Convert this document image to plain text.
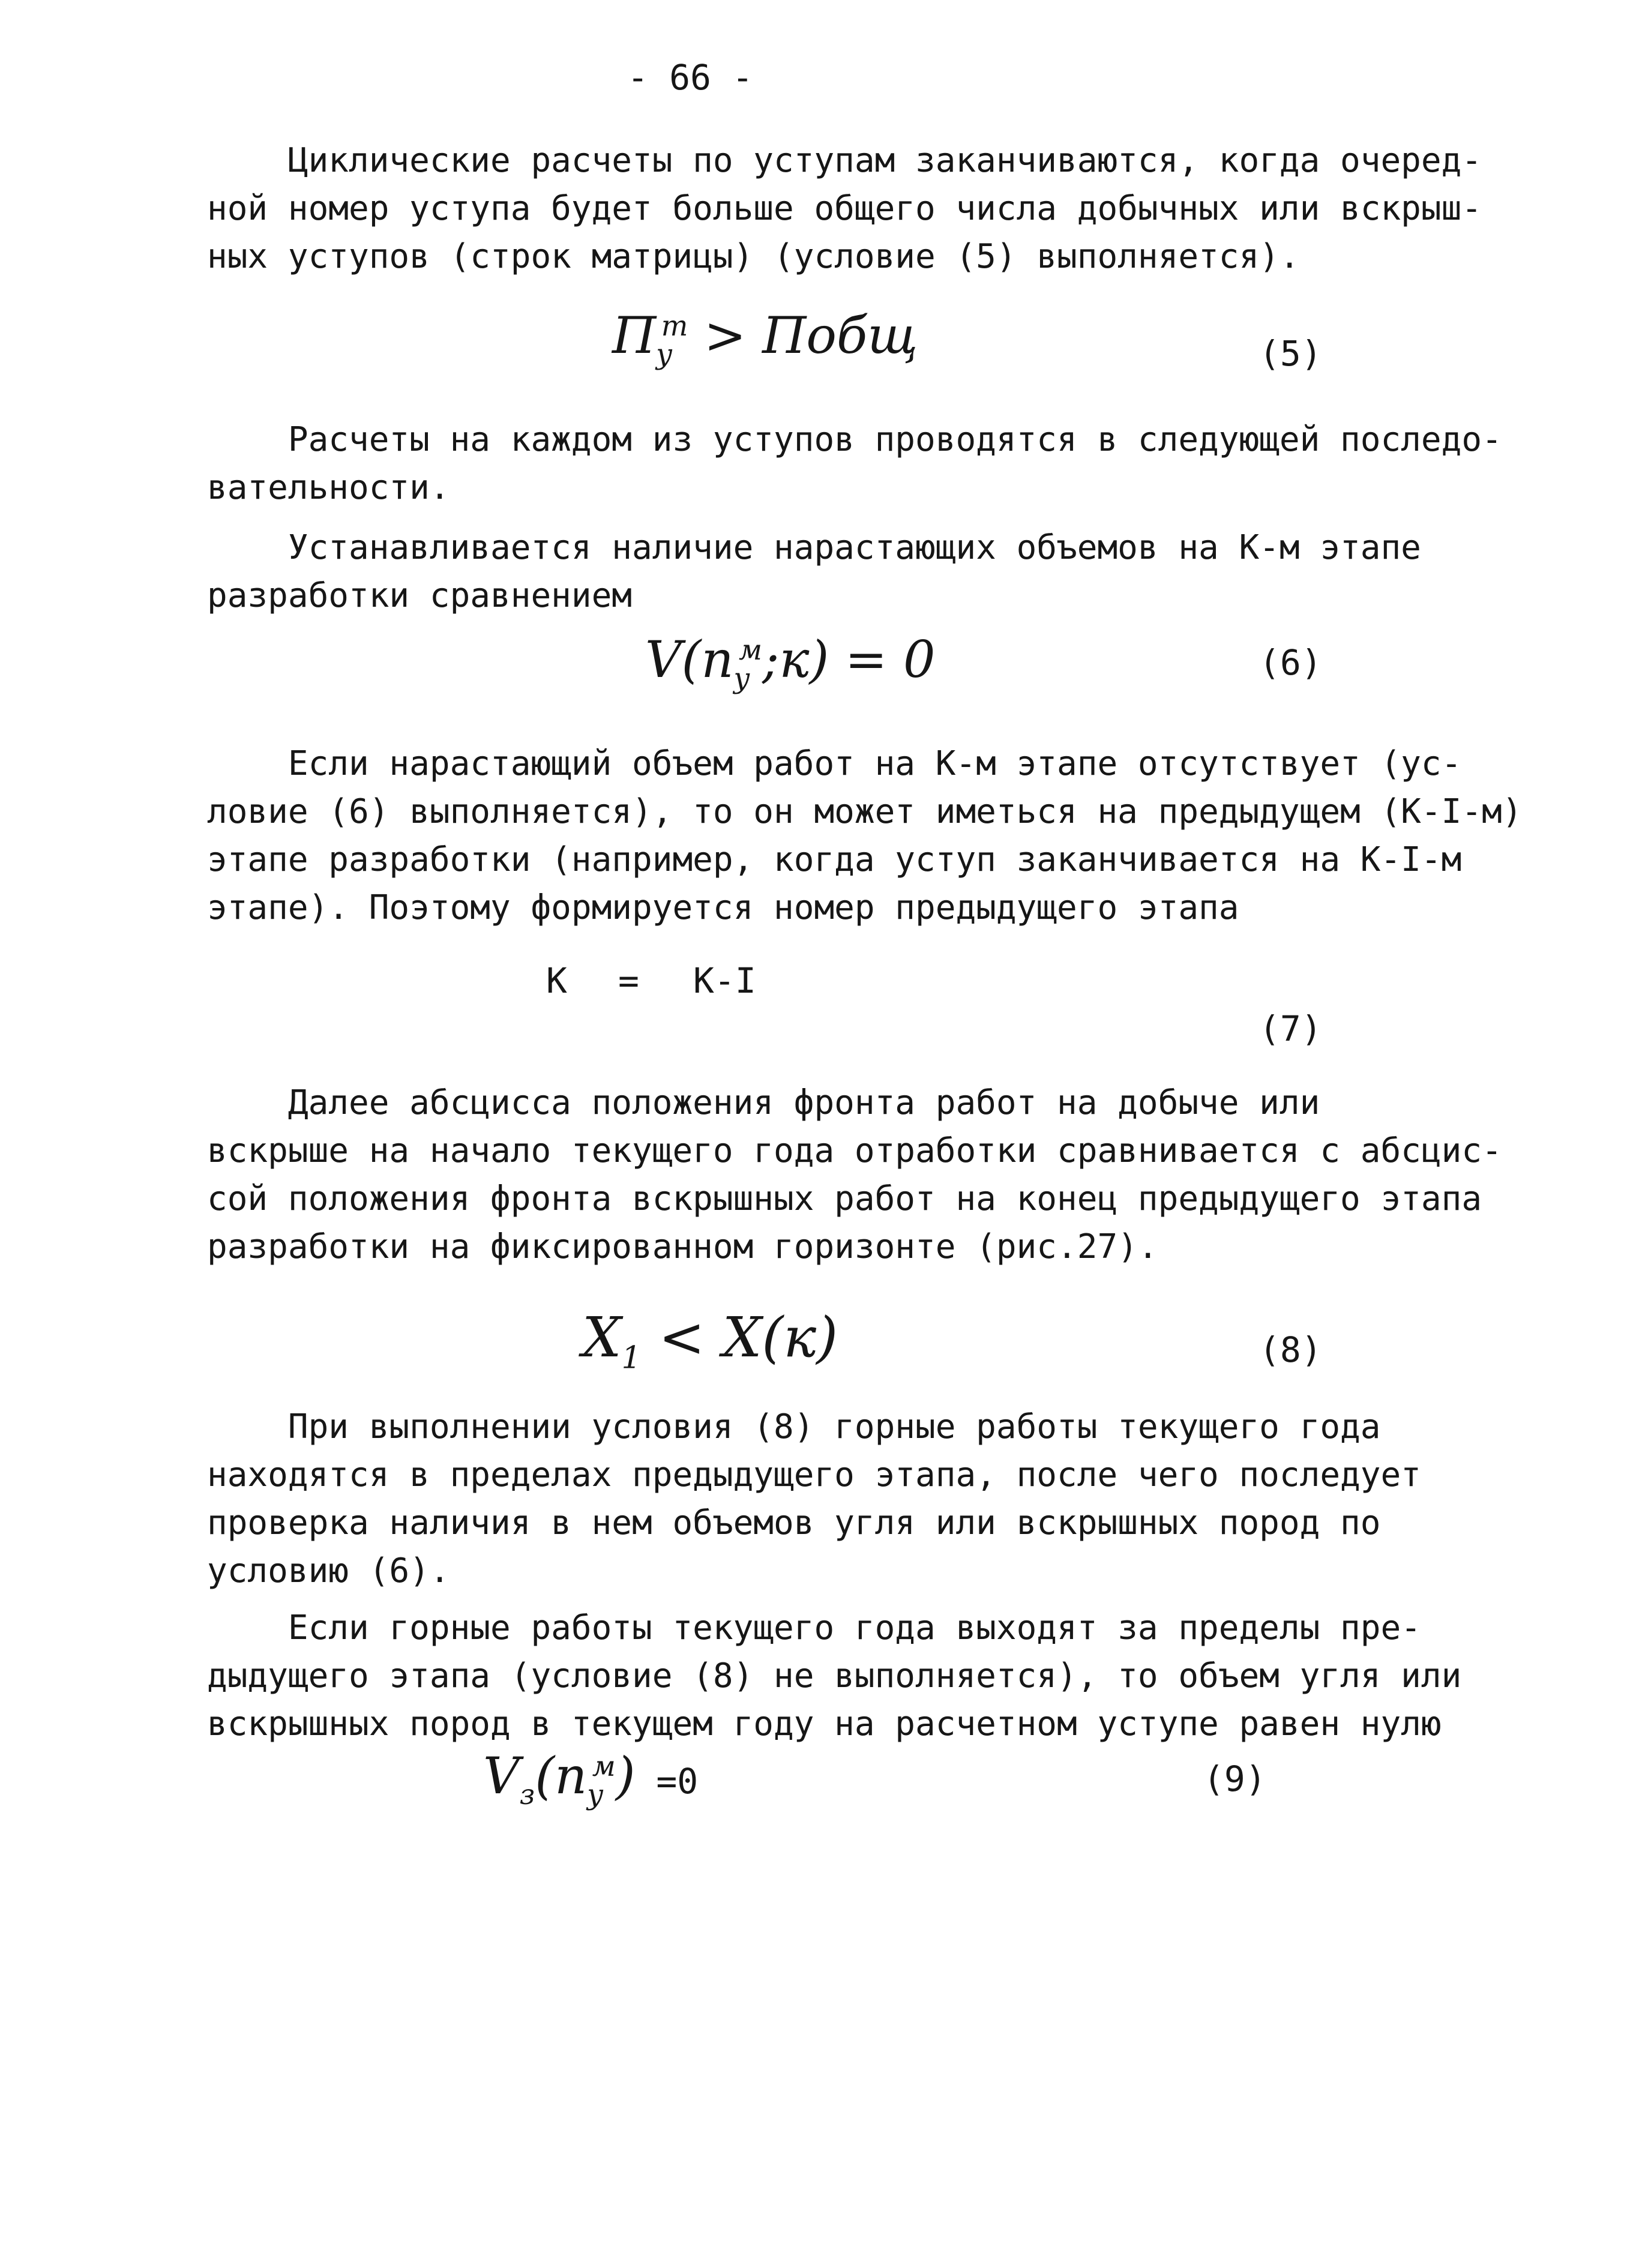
- 66 -
Циклические расчеты по уступам заканчиваются, когда очеред-
ной номер уступа будет больше общего числа добычных или вскрыш-
ных уступов (строк матрицы) (условие (5) выполняется).
$П_у^т$ > Побщ	(5)
Расчеты на каждом из уступов проводятся в следующей последо-
вательности.
Устанавливается наличие нарастающих объемов на К-м этапе
разработки сравнением
$V(п_у^м;к) = 0$	(6)
Если нарастающий объем работ на К-м этапе отсутствует (ус-
ловие (6) выполняется), то он может иметься на предыдущем (К-I-м)
этапе разработки (например, когда уступ заканчивается на К-I-м
этапе). Поэтому формируется номер предыдущего этапа
К = К-I
(7)
Далее абсцисса положения фронта работ на добыче или
вскрыше на начало текущего года отработки сравнивается с абсцис-
сой положения фронта вскрышных работ на конец предыдущего этапа
разработки на фиксированном горизонте (рис.27).
$X_1 < X(к)$	(8)
При выполнении условия (8) горные работы текущего года
находятся в пределах предыдущего этапа, после чего последует
проверка наличия в нем объемов угля или вскрышных пород по
условию (6).
Если горные работы текущего года выходят за пределы пре-
дыдущего этапа (условие (8) не выполняется), то объем угля или
вскрышных пород в текущем году на расчетном уступе равен нулю
$V_з(п_у^м) =0$	(9)
